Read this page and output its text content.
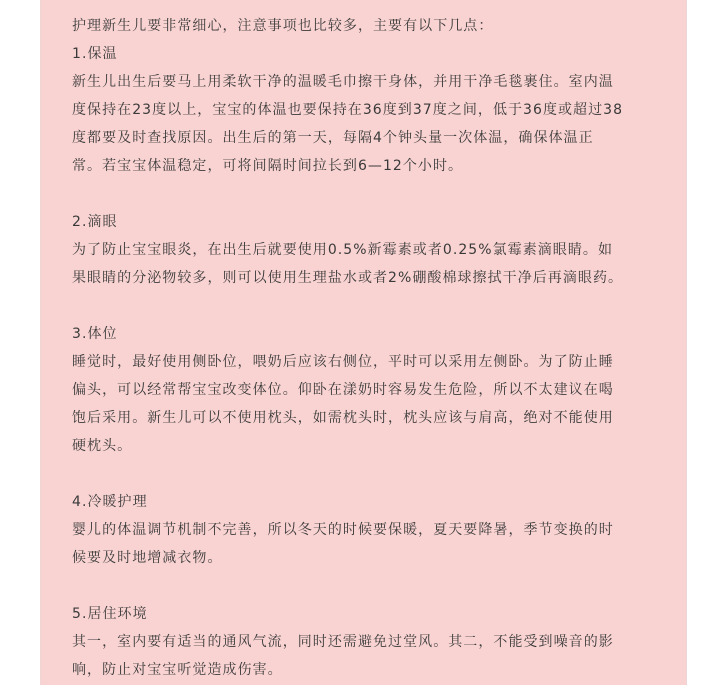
护理新生儿要非常细心，注意事项也比较多，主要有以下几点：

1.保温

新生儿出生后要马上用柔软干净的温暖毛巾擦干身体，并用干净毛毯裹住。室内温

度保持在23度以上，宝宝的体温也要保持在36度到37度之间，低于36度或超过38

度都要及时查找原因。出生后的第一天，每隔4个钟头量一次体温，确保体温正

常。若宝宝体温稳定，可将间隔时间拉长到6—12个小时。

2.滴眼

为了防止宝宝眼炎，在出生后就要使用0.5%新霉素或者0.25%氯霉素滴眼睛。如

果眼睛的分泌物较多，则可以使用生理盐水或者2%硼酸棉球擦拭干净后再滴眼药。

3.体位

睡觉时，最好使用侧卧位，喂奶后应该右侧位，平时可以采用左侧卧。为了防止睡

偏头，可以经常帮宝宝改变体位。仰卧在漾奶时容易发生危险，所以不太建议在喝

饱后采用。新生儿可以不使用枕头，如需枕头时，枕头应该与肩高，绝对不能使用

硬枕头。

4.冷暖护理

婴儿的体温调节机制不完善，所以冬天的时候要保暖，夏天要降暑，季节变换的时

候要及时地增减衣物。

5.居住环境

其一，室内要有适当的通风气流，同时还需避免过堂风。其二，不能受到噪音的影

响，防止对宝宝听觉造成伤害。
